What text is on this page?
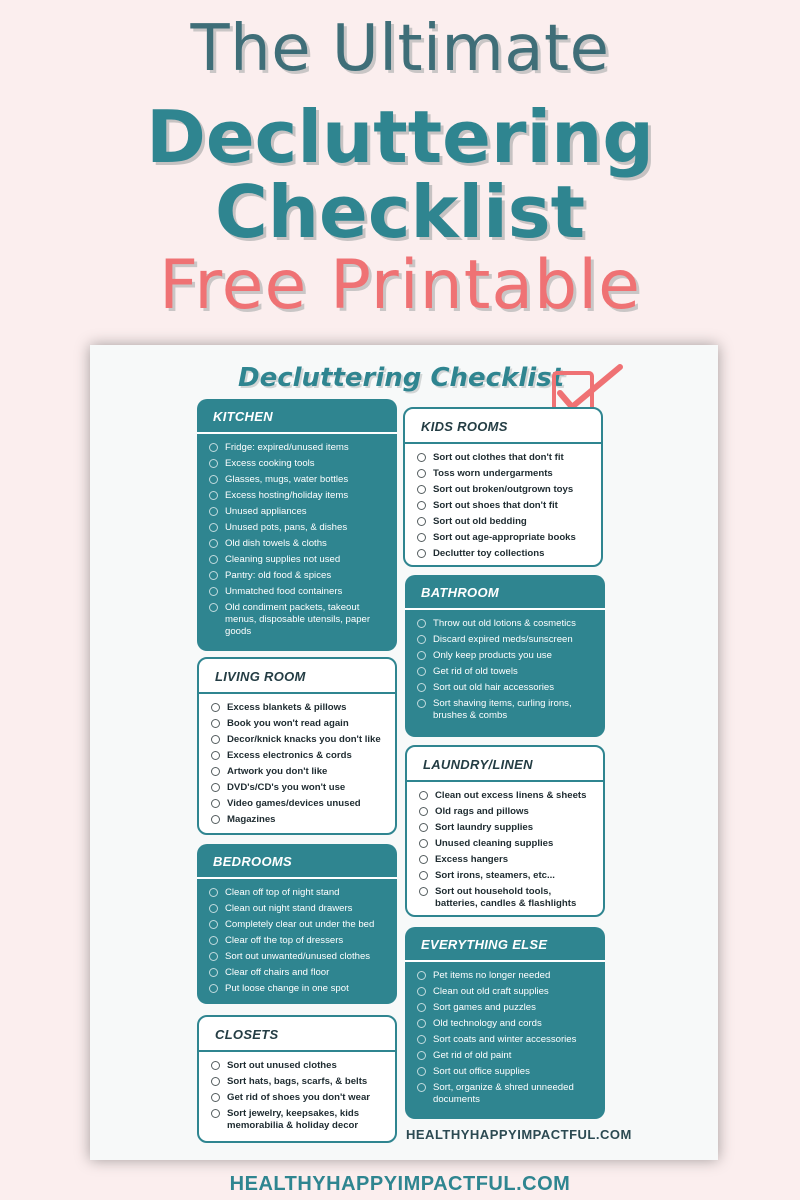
The Ultimate
Decluttering
Checklist
Free Printable
Decluttering Checklist
KITCHEN
Fridge: expired/unused items
Excess cooking tools
Glasses, mugs, water bottles
Excess hosting/holiday items
Unused appliances
Unused pots, pans, & dishes
Old dish towels & cloths
Cleaning supplies not used
Pantry: old food & spices
Unmatched food containers
Old condiment packets, takeout menus, disposable utensils, paper goods
LIVING ROOM
Excess blankets & pillows
Book you won't read again
Decor/knick knacks you don't like
Excess electronics & cords
Artwork you don't like
DVD's/CD's you won't use
Video games/devices unused
Magazines
BEDROOMS
Clean off top of night stand
Clean out night stand drawers
Completely clear out under the bed
Clear off the top of dressers
Sort out unwanted/unused clothes
Clear off chairs and floor
Put loose change in one spot
CLOSETS
Sort out unused clothes
Sort hats, bags, scarfs, & belts
Get rid of shoes you don't wear
Sort jewelry, keepsakes, kids memorabilia & holiday decor
KIDS ROOMS
Sort out clothes that don't fit
Toss worn undergarments
Sort out broken/outgrown toys
Sort out shoes that don't fit
Sort out old bedding
Sort out age-appropriate books
Declutter toy collections
BATHROOM
Throw out old lotions & cosmetics
Discard expired meds/sunscreen
Only keep products you use
Get rid of old towels
Sort out old hair accessories
Sort shaving items, curling irons, brushes & combs
LAUNDRY/LINEN
Clean out excess linens & sheets
Old rags and pillows
Sort laundry supplies
Unused cleaning supplies
Excess hangers
Sort irons, steamers, etc...
Sort out household tools, batteries, candles & flashlights
EVERYTHING ELSE
Pet items no longer needed
Clean out old craft supplies
Sort games and puzzles
Old technology and cords
Sort coats and winter accessories
Get rid of old paint
Sort out office supplies
Sort, organize & shred unneeded documents

HEALTHYHAPPYIMPACTFUL.COM

HEALTHYHAPPYIMPACTFUL.COM
